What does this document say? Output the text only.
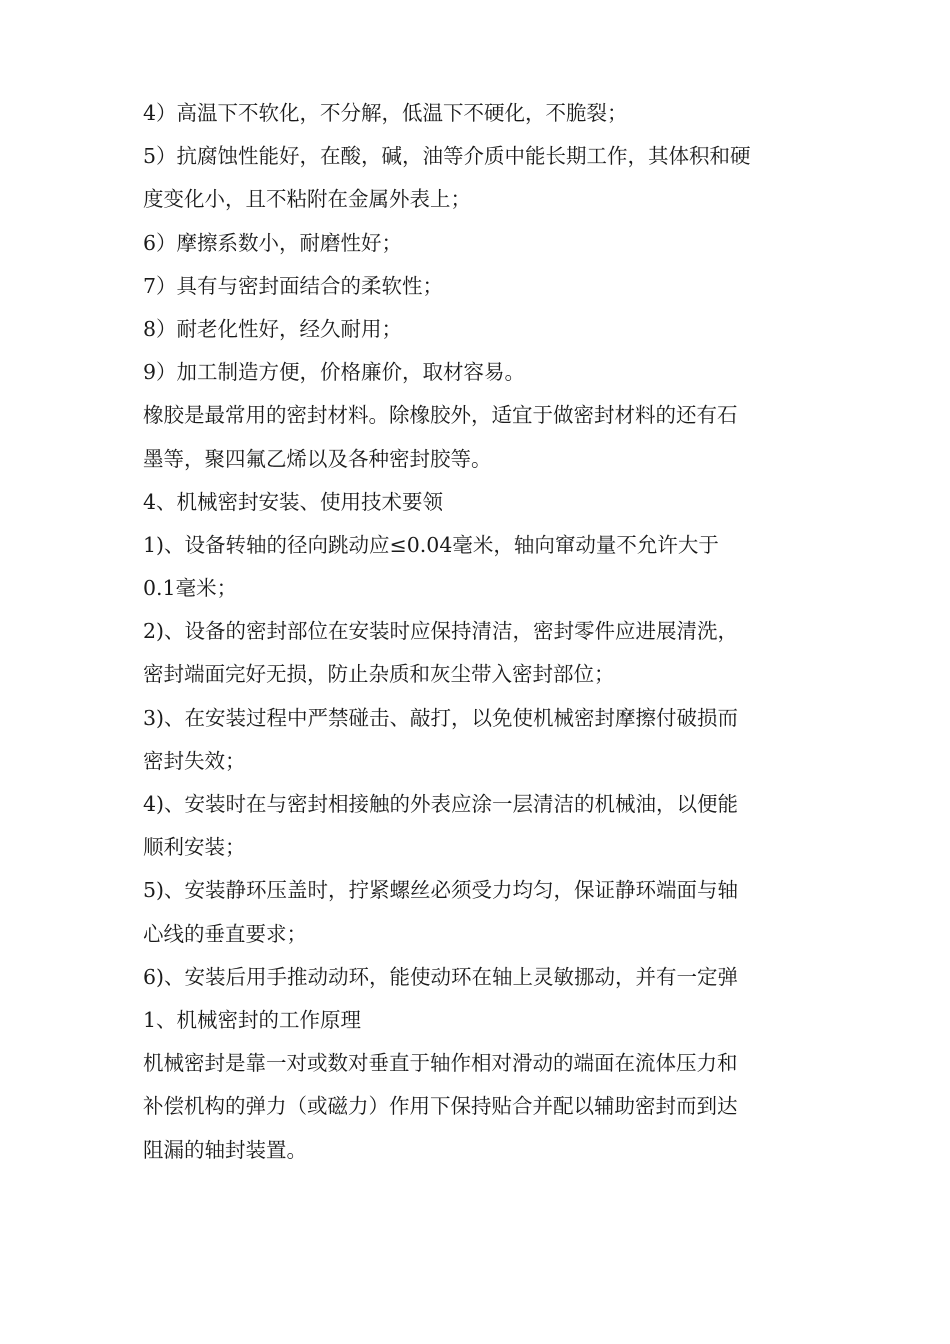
4）高温下不软化，不分解，低温下不硬化，不脆裂；
5）抗腐蚀性能好，在酸，碱，油等介质中能长期工作，其体积和硬
度变化小，且不粘附在金属外表上；
6）摩擦系数小，耐磨性好；
7）具有与密封面结合的柔软性；
8）耐老化性好，经久耐用；
9）加工制造方便，价格廉价，取材容易。
橡胶是最常用的密封材料。除橡胶外，适宜于做密封材料的还有石
墨等，聚四氟乙烯以及各种密封胶等。
4、机械密封安装、使用技术要领
1)、设备转轴的径向跳动应≤0.04毫米，轴向窜动量不允许大于
0.1毫米；
2)、设备的密封部位在安装时应保持清洁，密封零件应进展清洗，
密封端面完好无损，防止杂质和灰尘带入密封部位；
3)、在安装过程中严禁碰击、敲打，以免使机械密封摩擦付破损而
密封失效；
4)、安装时在与密封相接触的外表应涂一层清洁的机械油，以便能
顺利安装；
5)、安装静环压盖时，拧紧螺丝必须受力均匀，保证静环端面与轴
心线的垂直要求；
6)、安装后用手推动动环，能使动环在轴上灵敏挪动，并有一定弹
1、机械密封的工作原理
机械密封是靠一对或数对垂直于轴作相对滑动的端面在流体压力和
补偿机构的弹力（或磁力）作用下保持贴合并配以辅助密封而到达
阻漏的轴封装置。
